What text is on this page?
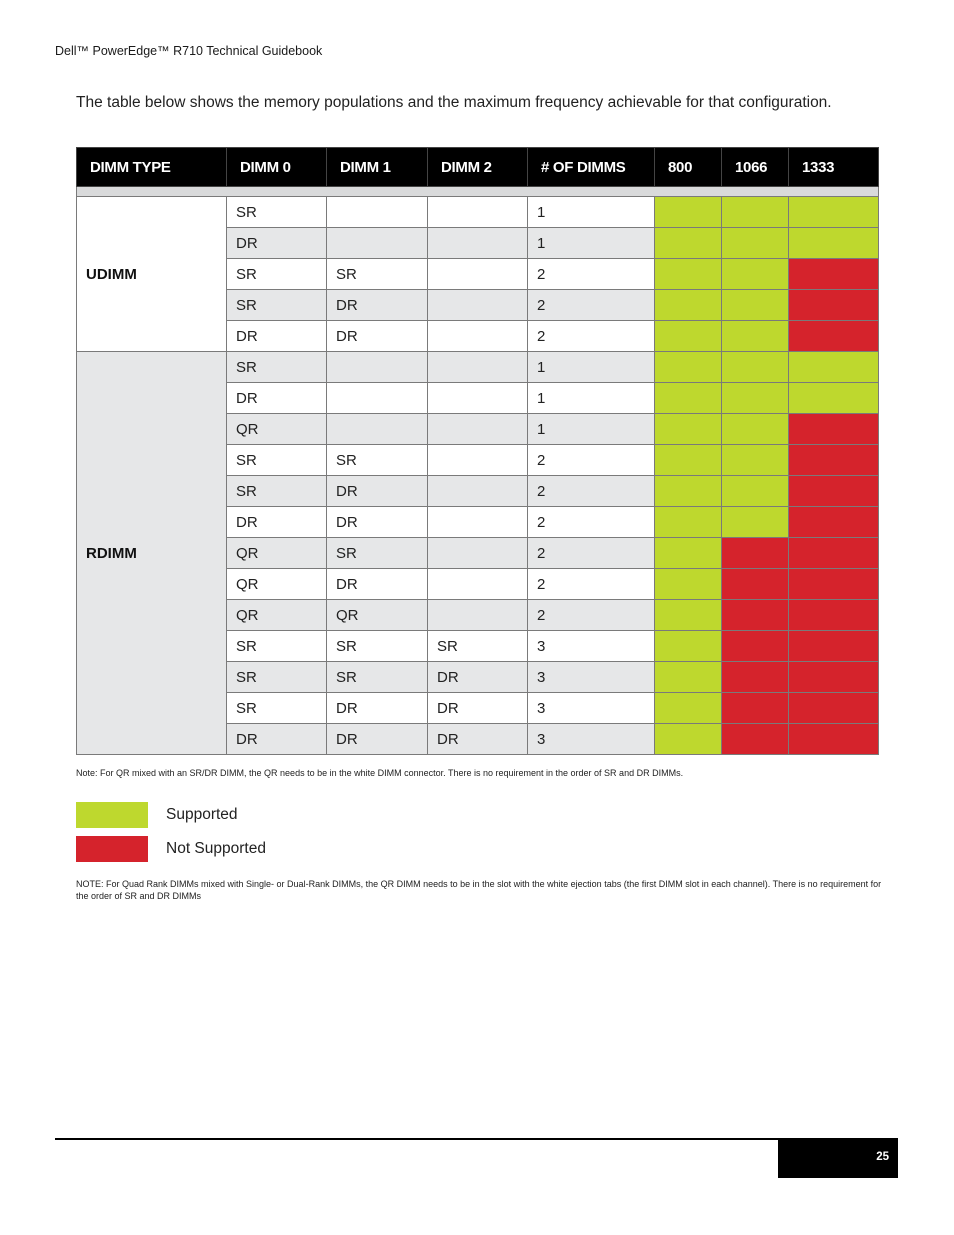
Dell™ PowerEdge™ R710 Technical Guidebook
The table below shows the memory populations and the maximum frequency achievable for that configuration.
DIMM TYPE	DIMM 0	DIMM 1	DIMM 2	# OF DIMMS	800	1066	1333

UDIMM	SR			1			
	DR			1			
	SR	SR		2			
	SR	DR		2			
	DR	DR		2			
RDIMM	SR			1			
	DR			1			
	QR			1			
	SR	SR		2			
	SR	DR		2			
	DR	DR		2			
	QR	SR		2			
	QR	DR		2			
	QR	QR		2			
	SR	SR	SR	3			
	SR	SR	DR	3			
	SR	DR	DR	3			
	DR	DR	DR	3			
Note: For QR mixed with an SR/DR DIMM, the QR needs to be in the white DIMM connector. There is no requirement in the order of SR and DR DIMMs.
Supported
Not Supported
NOTE: For Quad Rank DIMMs mixed with Single- or Dual-Rank DIMMs, the QR DIMM needs to be in the slot with the white ejection tabs (the first DIMM slot in each channel). There is no requirement for the order of SR and DR DIMMs
25
